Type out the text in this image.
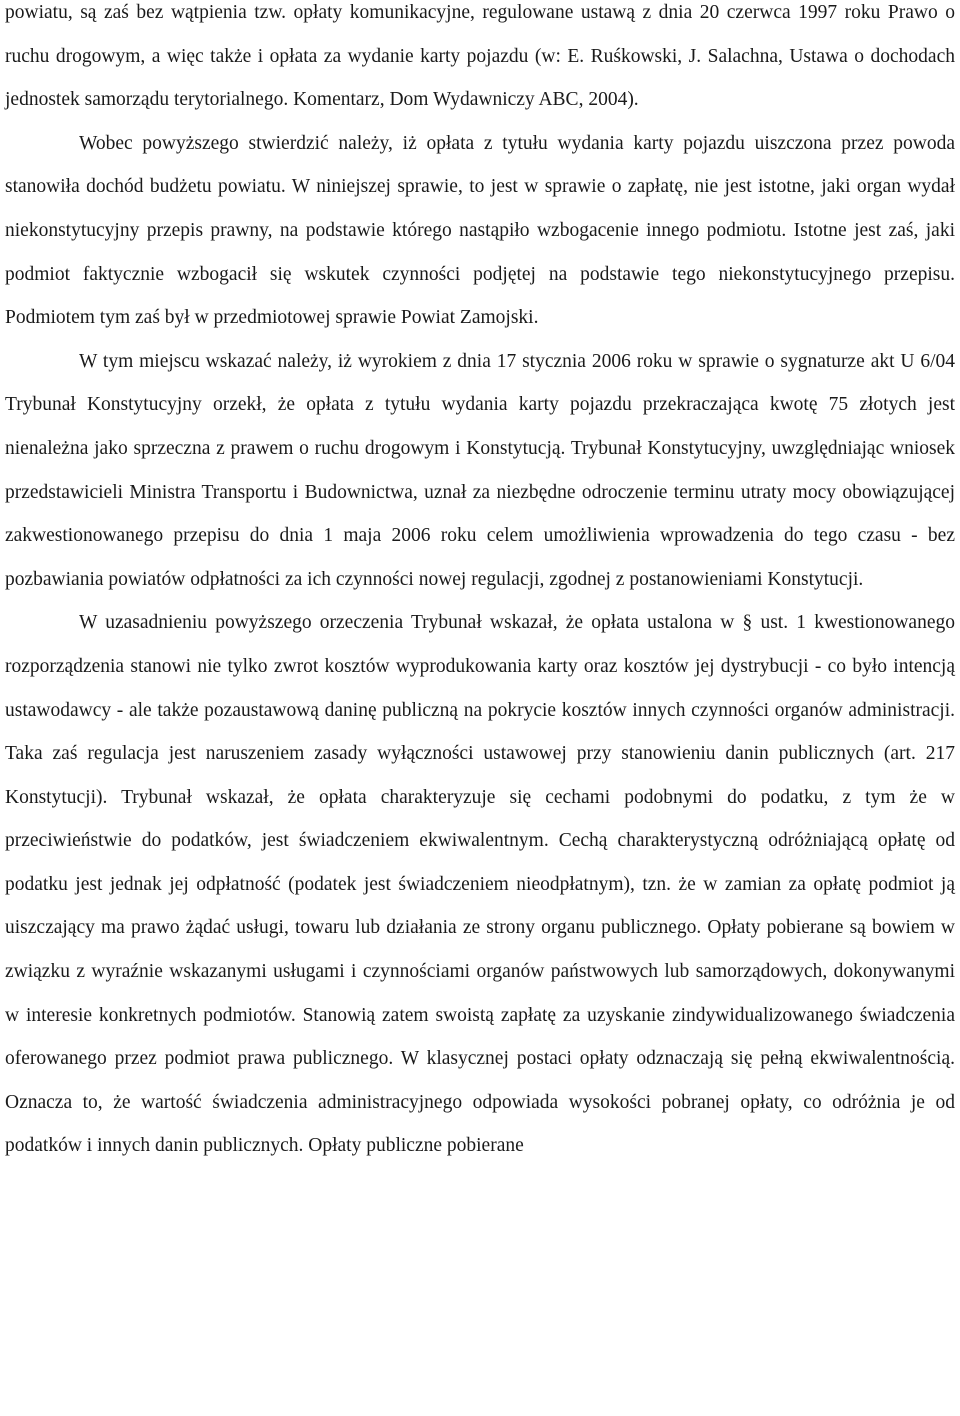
powiatu, są zaś bez wątpienia tzw. opłaty komunikacyjne, regulowane ustawą z dnia 20 czerwca 1997 roku Prawo o ruchu drogowym, a więc także i opłata za wydanie karty pojazdu (w: E. Ruśkowski, J. Salachna, Ustawa o dochodach jednostek samorządu terytorialnego. Komentarz, Dom Wydawniczy ABC, 2004).

Wobec powyższego stwierdzić należy, iż opłata z tytułu wydania karty pojazdu uiszczona przez powoda stanowiła dochód budżetu powiatu. W niniejszej sprawie, to jest w sprawie o zapłatę, nie jest istotne, jaki organ wydał niekonstytucyjny przepis prawny, na podstawie którego nastąpiło wzbogacenie innego podmiotu. Istotne jest zaś, jaki podmiot faktycznie wzbogacił się wskutek czynności podjętej na podstawie tego niekonstytucyjnego przepisu. Podmiotem tym zaś był w przedmiotowej sprawie Powiat Zamojski.

W tym miejscu wskazać należy, iż wyrokiem z dnia 17 stycznia 2006 roku w sprawie o sygnaturze akt U 6/04 Trybunał Konstytucyjny orzekł, że opłata z tytułu wydania karty pojazdu przekraczająca kwotę 75 złotych jest nienależna jako sprzeczna z prawem o ruchu drogowym i Konstytucją. Trybunał Konstytucyjny, uwzględniając wniosek przedstawicieli Ministra Transportu i Budownictwa, uznał za niezbędne odroczenie terminu utraty mocy obowiązującej zakwestionowanego przepisu do dnia 1 maja 2006 roku celem umożliwienia wprowadzenia do tego czasu - bez pozbawiania powiatów odpłatności za ich czynności nowej regulacji, zgodnej z postanowieniami Konstytucji.

W uzasadnieniu powyższego orzeczenia Trybunał wskazał, że opłata ustalona w § ust. 1 kwestionowanego rozporządzenia stanowi nie tylko zwrot kosztów wyprodukowania karty oraz kosztów jej dystrybucji - co było intencją ustawodawcy - ale także pozaustawową daninę publiczną na pokrycie kosztów innych czynności organów administracji. Taka zaś regulacja jest naruszeniem zasady wyłączności ustawowej przy stanowieniu danin publicznych (art. 217 Konstytucji). Trybunał wskazał, że opłata charakteryzuje się cechami podobnymi do podatku, z tym że w przeciwieństwie do podatków, jest świadczeniem ekwiwalentnym. Cechą charakterystyczną odróżniającą opłatę od podatku jest jednak jej odpłatność (podatek jest świadczeniem nieodpłatnym), tzn. że w zamian za opłatę podmiot ją uiszczający ma prawo żądać usługi, towaru lub działania ze strony organu publicznego. Opłaty pobierane są bowiem w związku z wyraźnie wskazanymi usługami i czynnościami organów państwowych lub samorządowych, dokonywanymi w interesie konkretnych podmiotów. Stanowią zatem swoistą zapłatę za uzyskanie zindywidualizowanego świadczenia oferowanego przez podmiot prawa publicznego. W klasycznej postaci opłaty odznaczają się pełną ekwiwalentnością. Oznacza to, że wartość świadczenia administracyjnego odpowiada wysokości pobranej opłaty, co odróżnia je od podatków i innych danin publicznych. Opłaty publiczne pobierane
